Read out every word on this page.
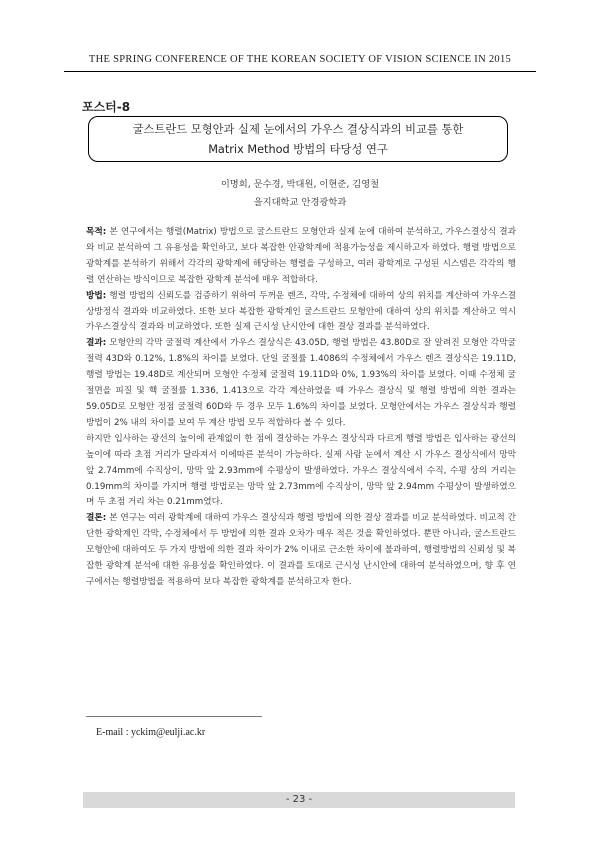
THE SPRING CONFERENCE OF THE KOREAN SOCIETY OF VISION SCIENCE IN 2015
포스터-8
굴스트란드 모형안과 실제 눈에서의 가우스 결상식과의 비교를 통한
Matrix Method 방법의 타당성 연구
이명희, 문수경, 박대원, 이현준, 김영철
을지대학교 안경광학과

목적: 본 연구에서는 행렬(Matrix) 방법으로 굴스트란드 모형안과 실제 눈에 대하여 분석하고, 가우스결상식 결과와 비교 분석하여 그 유용성을 확인하고, 보다 복잡한 안광학계에 적용가능성을 제시하고자 하였다. 행렬 방법으로 광학계를 분석하기 위해서 각각의 광학계에 해당하는 행렬을 구성하고, 여러 광학계로 구성된 시스템은 각각의 행렬 연산하는 방식이므로 복잡한 광학계 분석에 매우 적합하다.

방법: 행렬 방법의 신뢰도를 검증하기 위하여 두꺼운 렌즈, 각막, 수정체에 대하여 상의 위치를 계산하여 가우스결상방정식 결과와 비교하였다. 또한 보다 복잡한 광학계인 굴스트란드 모형안에 대하여 상의 위치를 계산하고 역시 가우스결상식 결과와 비교하였다. 또한 실제 근시성 난시안에 대한 결상 결과를 분석하였다.

결과: 모형안의 각막 굴절력 계산에서 가우스 결상식은 43.05D, 행렬 방법은 43.80D로 잘 알려진 모형안 각막굴절력 43D와 0.12%, 1.8%의 차이를 보였다. 단일 굴절률 1.4086의 수정체에서 가우스 렌즈 결상식은 19.11D, 행렬 방법는 19.48D로 계산되며 모형안 수정체 굴절력 19.11D와 0%, 1.93%의 차이를 보였다. 이때 수정체 굴절면을 피질 및 핵 굴절률 1.336, 1.413으로 각각 계산하였을 때 가우스 결상식 및 행렬 방법에 의한 결과는 59.05D로 모형안 정점 굴절력 60D와 두 경우 모두 1.6%의 차이를 보였다. 모형안에서는 가우스 결상식과 행렬 방법이 2% 내의 차이를 보여 두 계산 방법 모두 적합하다 볼 수 있다.
하지만 입사하는 광선의 높이에 관계없이 한 점에 결상하는 가우스 결상식과 다르게 행렬 방법은 입사하는 광선의 높이에 따라 초점 거리가 달라져서 이에따른 분석이 가능하다. 실제 사람 눈에서 계산 시 가우스 결상식에서 망막 앞 2.74mm에 수직상이, 망막 앞 2.93mm에 수평상이 발생하였다. 가우스 결상식에서 수직, 수평 상의 거리는 0.19mm의 차이를 가지며 행렬 방법로는 망막 앞 2.73mm에 수직상이, 망막 앞 2.94mm 수평상이 발생하였으며 두 초점 거리 차는 0.21mm였다.

결론: 본 연구는 여러 광학계에 대하여 가우스 결상식과 행렬 방법에 의한 결상 결과를 비교 분석하였다. 비교적 간단한 광학계인 각막, 수정체에서 두 방법에 의한 결과 오차가 매우 적은 것을 확인하였다. 뿐만 아니라, 굴스트란드 모형안에 대하여도 두 가지 방법에 의한 결과 차이가 2% 이내로 근소한 차이에 불과하여, 행렬방법의 신뢰성 및 복잡한 광학계 분석에 대한 유용성을 확인하였다. 이 결과를 토대로 근시성 난시안에 대하여 분석하였으며, 향 후 연구에서는 행렬방법을 적용하여 보다 복잡한 광학계를 분석하고자 한다.

E-mail : yckim@eulji.ac.kr
- 23 -
